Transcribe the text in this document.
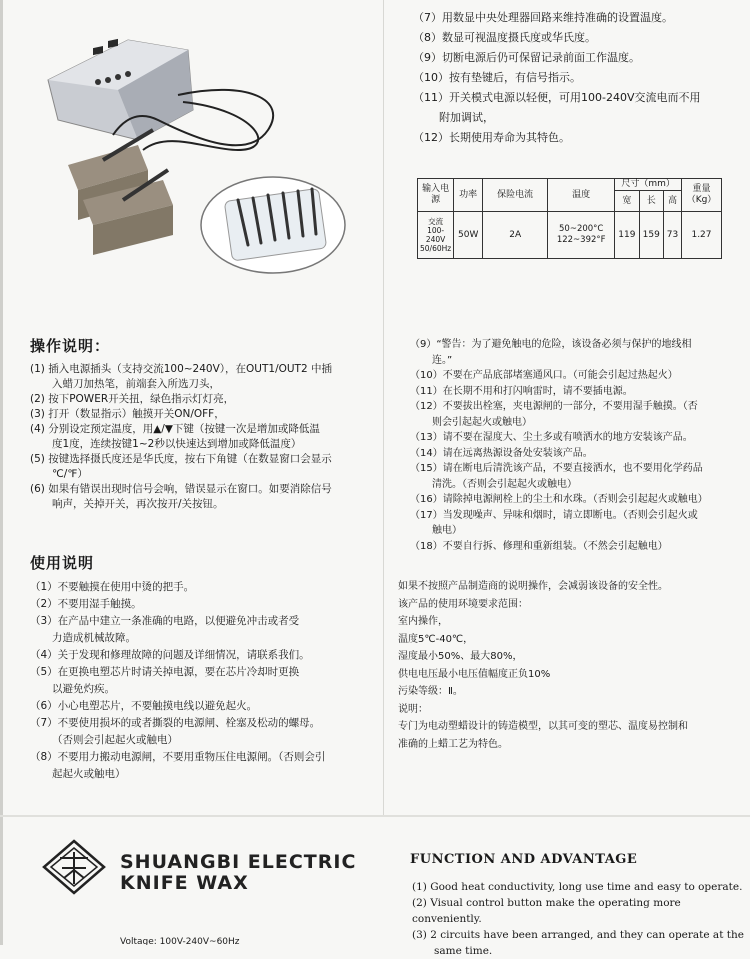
（7）用数显中央处理器回路来维持准确的设置温度。
（8）数显可视温度摄氏度或华氏度。
（9）切断电源后仍可保留记录前面工作温度。
（10）按有垫键后，有信号指示。
（11）开关模式电源以轻便，可用100-240V交流电而不用
附加调试，
（12）长期使用寿命为其特色。
输入电源	功率	保险电流	温度	尺寸（mm）			重量（Kg）
				宽	长	高	
交流100-240V 50/60Hz	50W	2A	50~200°C 122~392°F	119	159	73	1.27
操作说明：
(1) 插入电源插头（支持交流100~240V），在OUT1/OUT2 中插
入蜡刀加热笔，前端套入所选刀头，
(2) 按下POWER开关扭，绿色指示灯灯亮，
(3) 打开（数显指示）触摸开关ON/OFF，
(4) 分别设定预定温度，用▲/▼下键（按键一次是增加或降低温
度1度，连续按键1~2秒以快速达到增加或降低温度）
(5) 按键选择摄氏度还是华氏度，按右下角键（在数显窗口会显示
℃/℉）
(6) 如果有错误出现时信号会响，错误显示在窗口。如要消除信号
响声，关掉开关，再次按开/关按钮。
使用说明
（1）不要触摸在使用中烫的把手。
（2）不要用湿手触摸。
（3）在产品中建立一条准确的电路，以便避免冲击或者受
力造成机械故障。
（4）关于发现和修理故障的问题及详细情况，请联系我们。
（5）在更换电塑芯片时请关掉电源，要在芯片冷却时更换
以避免灼疾。
（6）小心电塑芯片，不要触摸电线以避免起火。
（7）不要使用损坏的或者撕裂的电源闸、栓塞及松动的螺母。
（否则会引起起火或触电）
（8）不要用力搬动电源闸，不要用重物压住电源闸。（否则会引
起起火或触电）
（9）“警告：为了避免触电的危险，该设备必须与保护的地线相
连。”
（10）不要在产品底部堵塞通风口。（可能会引起过热起火）
（11）在长期不用和打闪响雷时，请不要插电源。
（12）不要拔出栓塞，夹电源闸的一部分，不要用湿手触摸。（否
则会引起起火或触电）
（13）请不要在湿度大、尘土多或有喷洒水的地方安装该产品。
（14）请在远离热源设备处安装该产品。
（15）请在断电后清洗该产品，不要直接洒水，也不要用化学药品
清洗。（否则会引起起火或触电）
（16）请除掉电源闸栓上的尘土和水珠。（否则会引起起火或触电）
（17）当发现噪声、异味和烟时，请立即断电。（否则会引起火或
触电）
（18）不要自行拆、修理和重新组装。（不然会引起触电）
如果不按照产品制造商的说明操作，会减弱该设备的安全性。
该产品的使用环境要求范围：
室内操作，
温度5℃-40℃，
湿度最小50%、最大80%，
供电电压最小电压值幅度正负10%
污染等级：Ⅱ。
说明：
专门为电动塑蜡设计的铸造模型，以其可变的塑芯、温度易控制和
准确的上蜡工艺为特色。
SHUANGBI ELECTRIC
KNIFE WAX
Voltage: 100V-240V~60Hz
FUNCTION AND ADVANTAGE
(1) Good heat conductivity, long use time and easy to operate.
(2) Visual control button make the operating more conveniently.
(3) 2 circuits have been arranged, and they can operate at the
same time.
